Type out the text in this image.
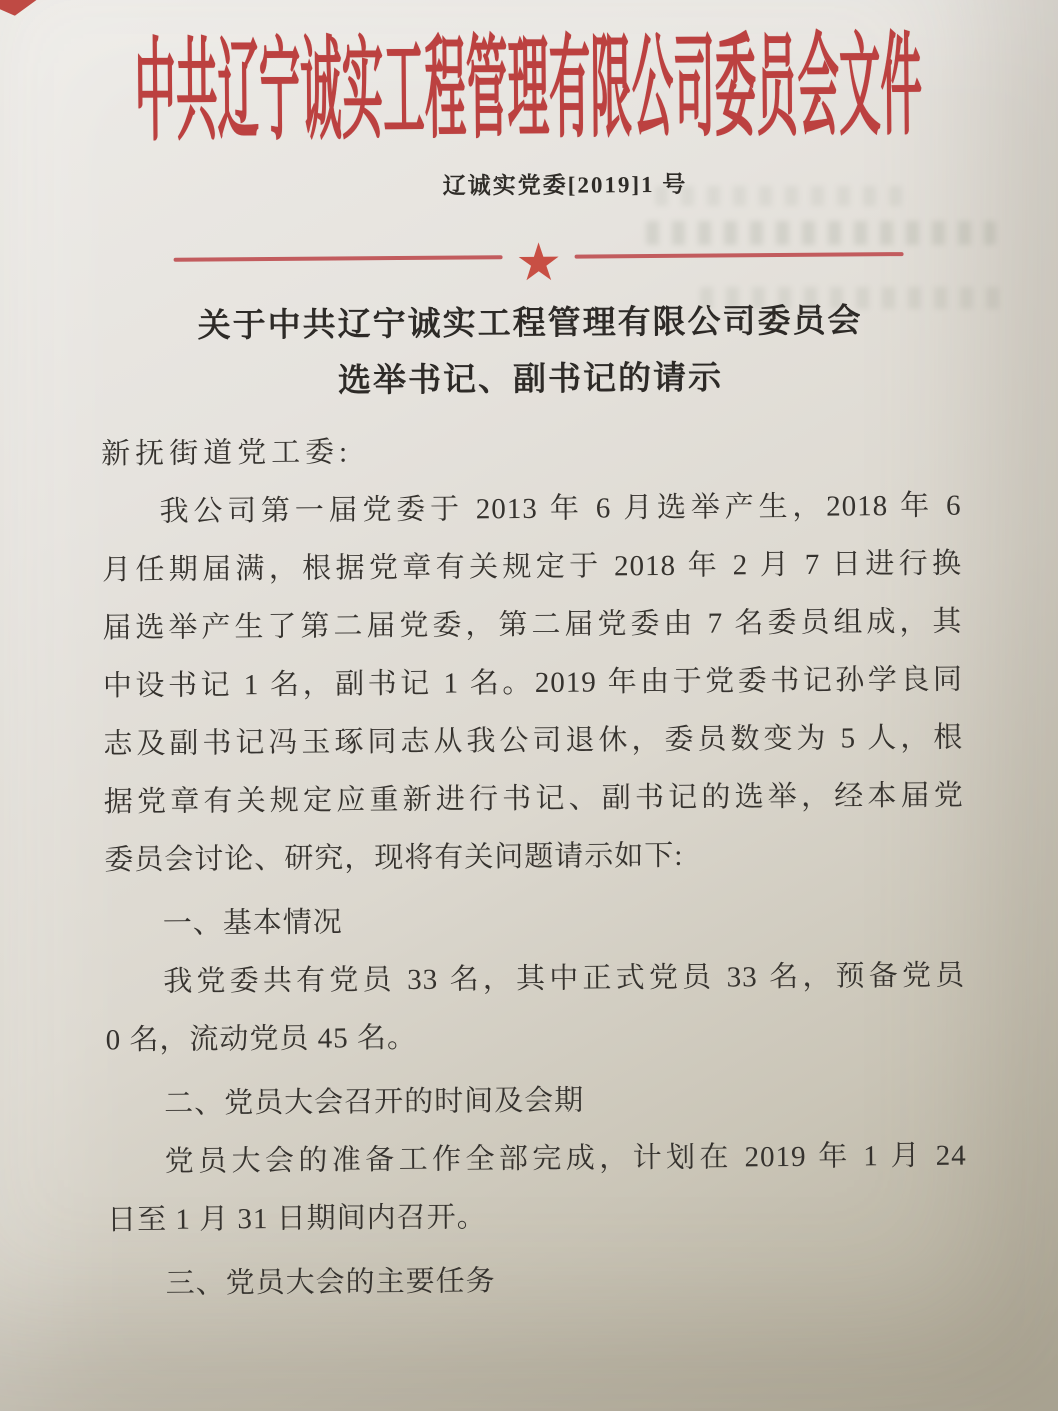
中共辽宁诚实工程管理有限公司委员会文件
辽诚实党委[2019]1 号
★
关于中共辽宁诚实工程管理有限公司委员会
选举书记、副书记的请示
新抚街道党工委:
我公司第一届党委于 2013 年 6 月选举产生，2018 年 6
月任期届满，根据党章有关规定于 2018 年 2 月 7 日进行换
届选举产生了第二届党委，第二届党委由 7 名委员组成，其
中设书记 1 名，副书记 1 名。2019 年由于党委书记孙学良同
志及副书记冯玉琢同志从我公司退休，委员数变为 5 人，根
据党章有关规定应重新进行书记、副书记的选举，经本届党
委员会讨论、研究，现将有关问题请示如下:
一、基本情况
我党委共有党员 33 名，其中正式党员 33 名，预备党员
0 名，流动党员 45 名。
二、党员大会召开的时间及会期
党员大会的准备工作全部完成，计划在 2019 年 1 月 24
日至 1 月 31 日期间内召开。
三、党员大会的主要任务
